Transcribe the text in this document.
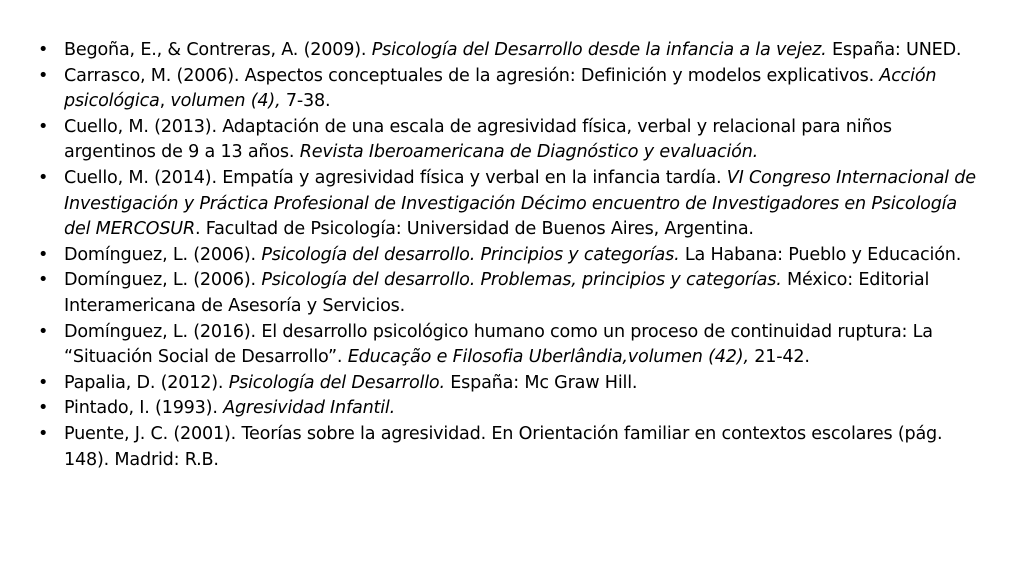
• Begoña, E., & Contreras, A. (2009). Psicología del Desarrollo desde la infancia a la vejez. España: UNED.
• Carrasco, M. (2006). Aspectos conceptuales de la agresión: Definición y modelos explicativos. Acción psicológica, volumen (4), 7-38.
• Cuello, M. (2013). Adaptación de una escala de agresividad física, verbal y relacional para niños argentinos de 9 a 13 años. Revista Iberoamericana de Diagnóstico y evaluación.
• Cuello, M. (2014). Empatía y agresividad física y verbal en la infancia tardía. VI Congreso Internacional de Investigación y Práctica Profesional de Investigación Décimo encuentro de Investigadores en Psicología del MERCOSUR. Facultad de Psicología: Universidad de Buenos Aires, Argentina.
• Domínguez, L. (2006). Psicología del desarrollo. Principios y categorías. La Habana: Pueblo y Educación.
• Domínguez, L. (2006). Psicología del desarrollo. Problemas, principios y categorías. México: Editorial Interamericana de Asesoría y Servicios.
• Domínguez, L. (2016). El desarrollo psicológico humano como un proceso de continuidad ruptura: La “Situación Social de Desarrollo”. Educação e Filosofia Uberlândia,volumen (42), 21-42.
• Papalia, D. (2012). Psicología del Desarrollo. España: Mc Graw Hill.
• Pintado, I. (1993). Agresividad Infantil.
• Puente, J. C. (2001). Teorías sobre la agresividad. En Orientación familiar en contextos escolares (pág. 148). Madrid: R.B.
